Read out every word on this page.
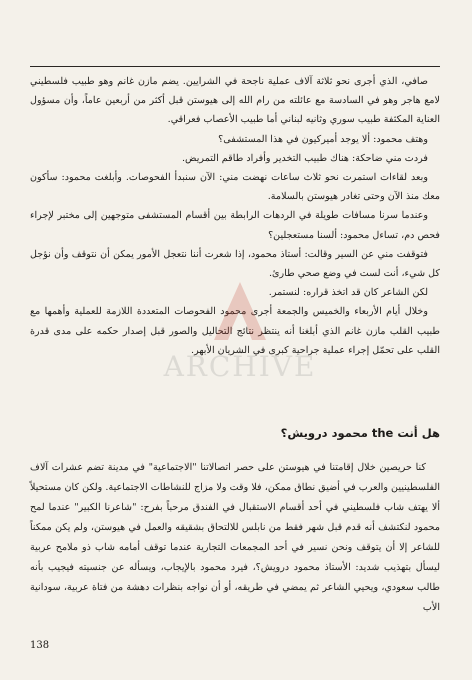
صافي، الذي أجرى نحو ثلاثة آلاف عملية ناجحة في الشرايين. يضم مازن غانم وهو طبيب فلسطيني لامع هاجر وهو في السادسة مع عائلته من رام الله إلى هيوستن قبل أكثر من أربعين عاماً، وأن مسؤول العناية المكثفة طبيب سوري وثانيه لبناني أما طبيب الأعصاب فعراقي.

وهتف محمود: ألا يوجد أميركيون في هذا المستشفى؟

فردت مني ضاحكة: هناك طبيب التخدير وأفراد طاقم التمريض.

وبعد لقاءات استمرت نحو ثلاث ساعات نهضت مني: الآن سنبدأ الفحوصات. وأبلغت محمود: سأكون معك منذ الآن وحتى تغادر هيوستن بالسلامة.

وعندما سرنا مسافات طويلة في الردهات الرابطة بين أقسام المستشفى متوجهين إلى مختبر لإجراء فحص دم، تساءل محمود: ألسنا مستعجلين؟

فتوقفت مني عن السير وقالت: أستاذ محمود، إذا شعرت أننا نتعجل الأمور يمكن أن نتوقف وأن نؤجل كل شيء، أنت لست في وضع صحي طارئ.

لكن الشاعر كان قد اتخذ قراره: لنستمر.

وخلال أيام الأربعاء والخميس والجمعة أجرى محمود الفحوصات المتعددة اللازمة للعملية وأهمها مع طبيب القلب مازن غانم الذي أبلغنا أنه ينتظر نتائج التحاليل والصور قبل إصدار حكمه على مدى قدرة القلب على تحمّل إجراء عملية جراحية كبرى في الشريان الأبهر.

ARCHIVE
هل أنت the محمود درويش؟

كنا حريصين خلال إقامتنا في هيوستن على حصر اتصالاتنا "الاجتماعية" في مدينة تضم عشرات آلاف الفلسطينيين والعرب في أضيق نطاق ممكن، فلا وقت ولا مزاج للنشاطات الاجتماعية. ولكن كان مستحيلاً ألا يهتف شاب فلسطيني في أحد أقسام الاستقبال في الفندق مرحباً بفرح: "شاعرنا الكبير" عندما لمح محمود لنكتشف أنه قدم قبل شهر فقط من نابلس للالتحاق بشقيقه والعمل في هيوستن، ولم يكن ممكناً للشاعر إلا أن يتوقف ونحن نسير في أحد المجمعات التجارية عندما توقف أمامه شاب ذو ملامح عربية ليسأل بتهذيب شديد: الأستاذ محمود درويش؟، فيرد محمود بالإيجاب، ويسأله عن جنسيته فيجيب بأنه طالب سعودي، ويحيي الشاعر ثم يمضي في طريقه، أو أن نواجه بنظرات دهشة من فتاة عربية، سودانية الأب

138
